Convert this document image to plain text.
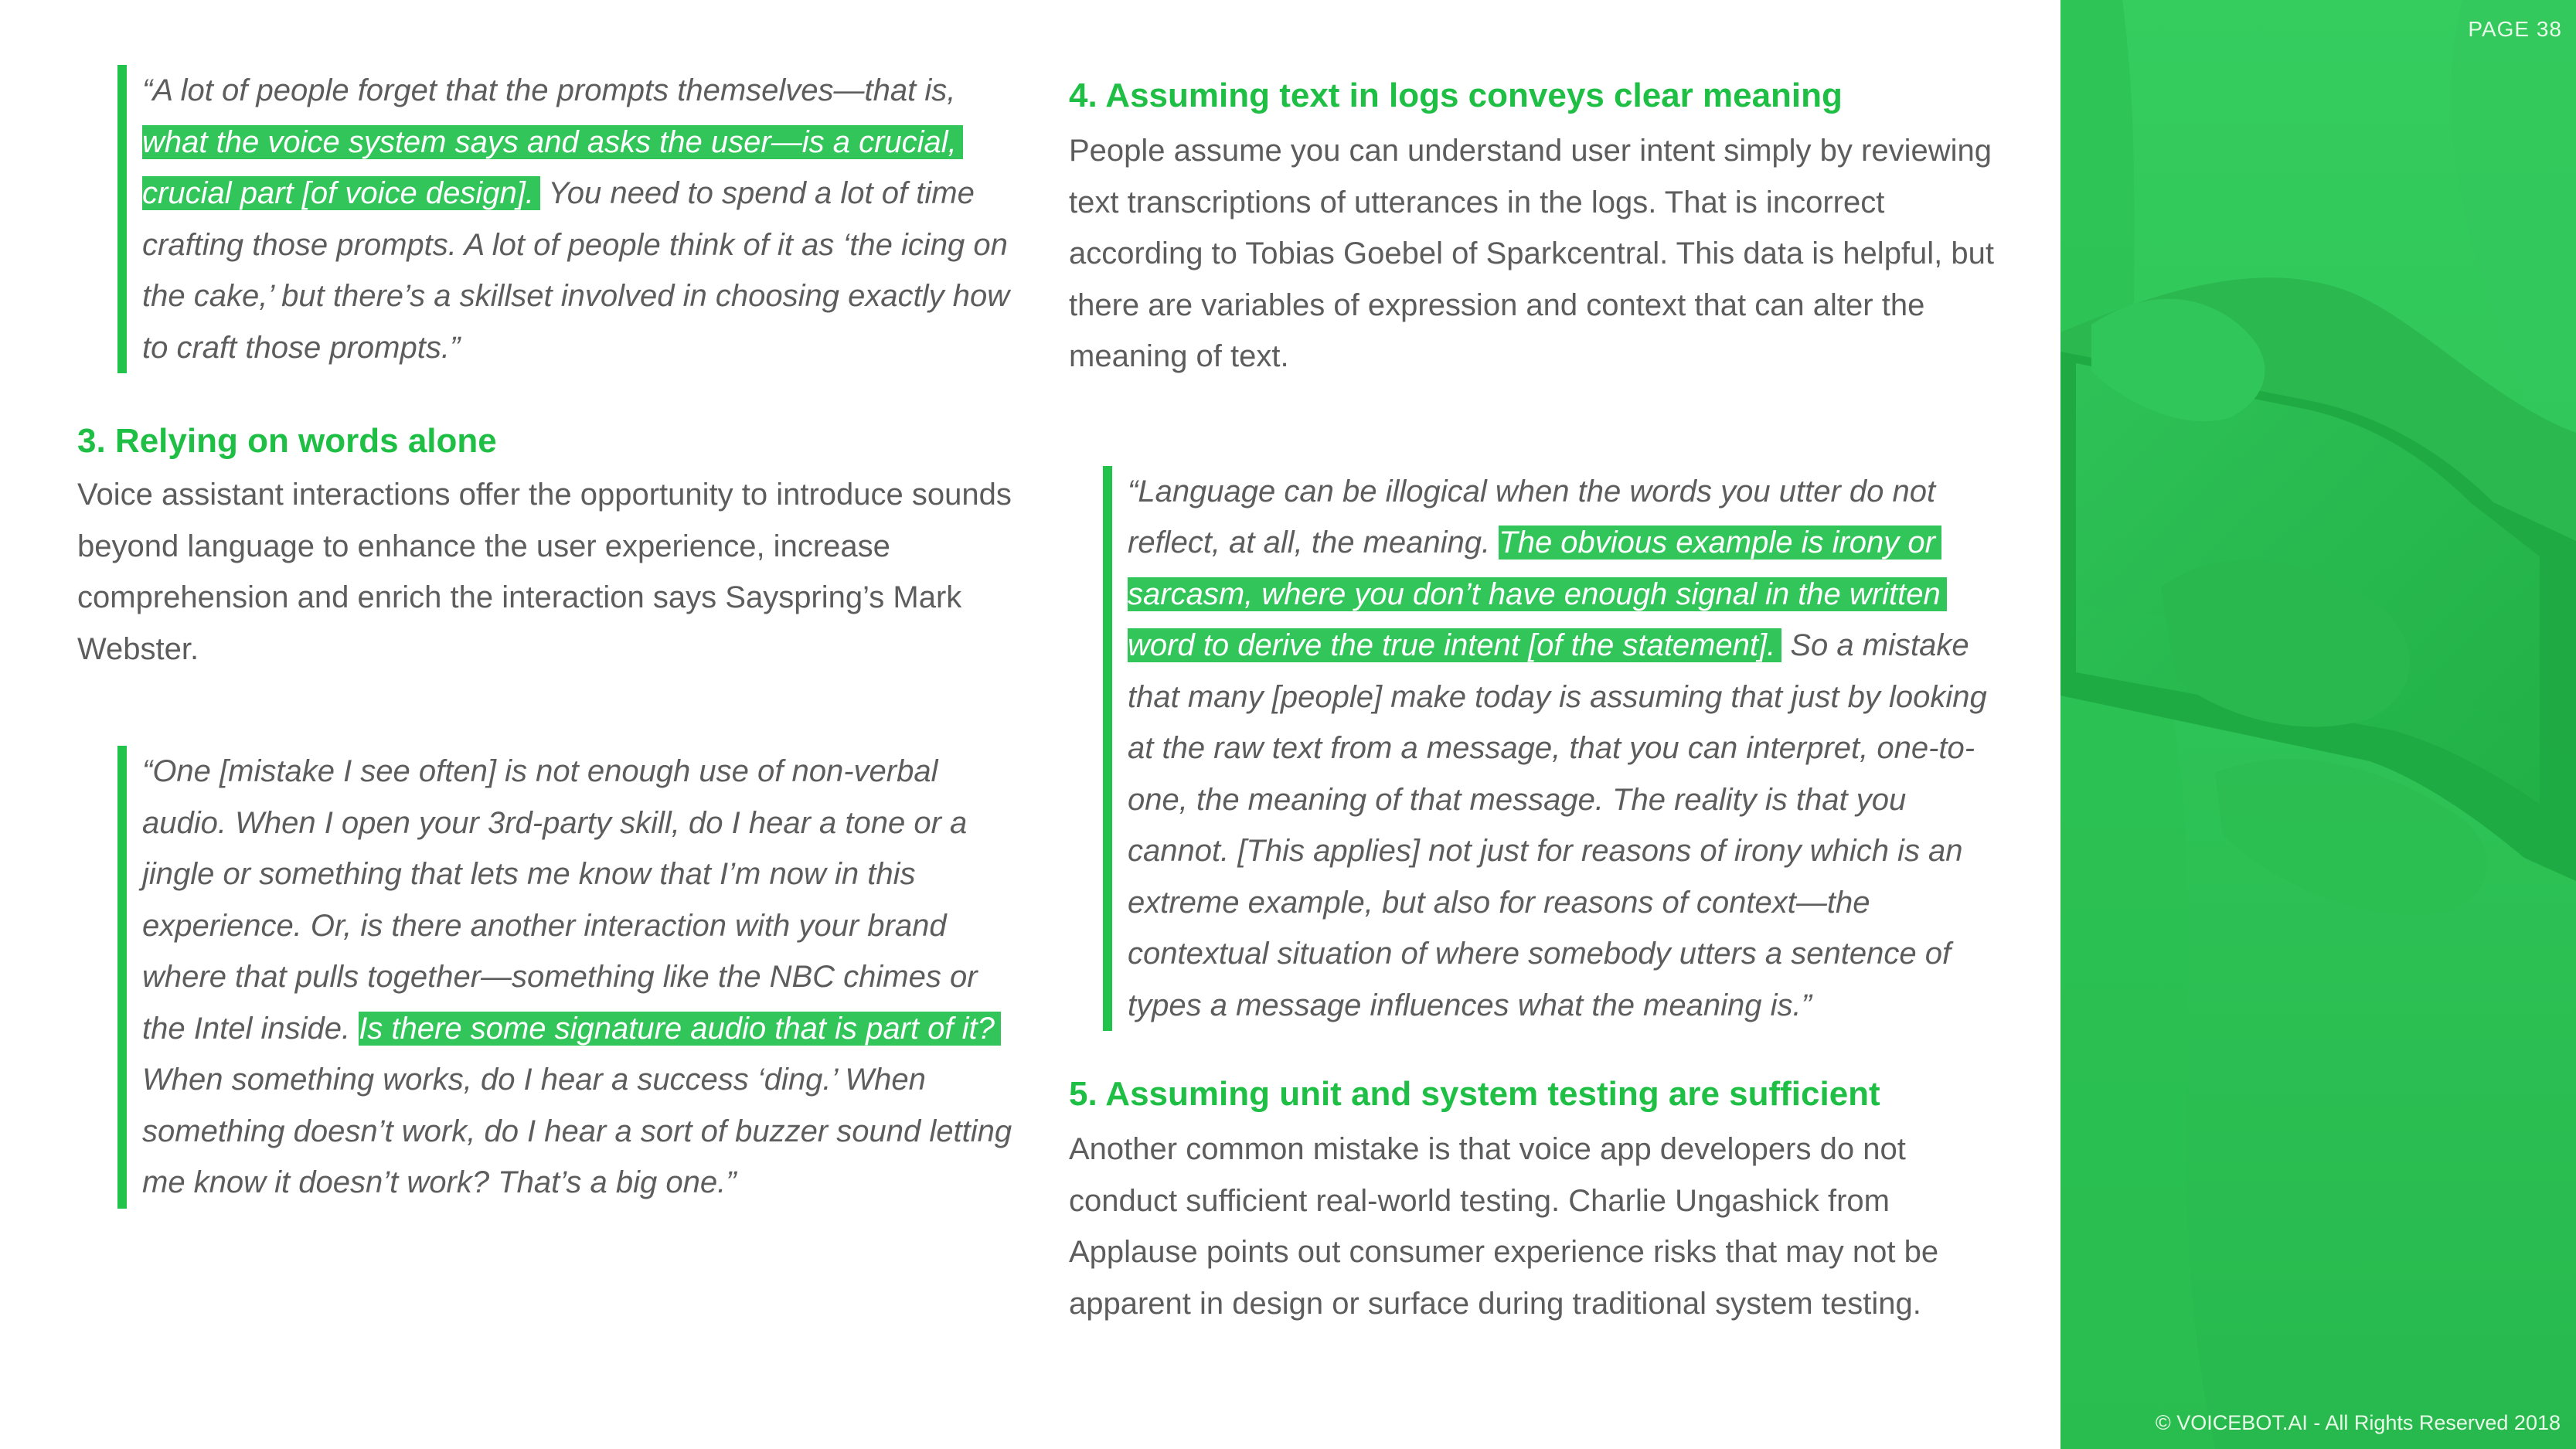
“A lot of people forget that the prompts themselves—that is, what the voice system says and asks the user—is a crucial, crucial part [of voice design]. You need to spend a lot of time crafting those prompts. A lot of people think of it as ‘the icing on the cake,’ but there’s a skillset involved in choosing exactly how to craft those prompts.”
3. Relying on words alone

Voice assistant interactions offer the opportunity to introduce sounds beyond language to enhance the user experience, increase comprehension and enrich the interaction says Sayspring’s Mark Webster.

“One [mistake I see often] is not enough use of non-verbal audio. When I open your 3rd-party skill, do I hear a tone or a jingle or something that lets me know that I’m now in this experience. Or, is there another interaction with your brand where that pulls together—something like the NBC chimes or the Intel inside. Is there some signature audio that is part of it? When something works, do I hear a success ‘ding.’ When something doesn’t work, do I hear a sort of buzzer sound letting me know it doesn’t work? That’s a big one.”
4. Assuming text in logs conveys clear meaning

People assume you can understand user intent simply by reviewing text transcriptions of utterances in the logs. That is incorrect according to Tobias Goebel of Sparkcentral. This data is helpful, but there are variables of expression and context that can alter the meaning of text.

“Language can be illogical when the words you utter do not reflect, at all, the meaning. The obvious example is irony or sarcasm, where you don’t have enough signal in the written word to derive the true intent [of the statement]. So a mistake that many [people] make today is assuming that just by looking at the raw text from a message, that you can interpret, one-to-one, the meaning of that message. The reality is that you cannot. [This applies] not just for reasons of irony which is an extreme example, but also for reasons of context—the contextual situation of where somebody utters a sentence of types a message influences what the meaning is.”
5. Assuming unit and system testing are sufficient

Another common mistake is that voice app developers do not conduct sufficient real-world testing. Charlie Ungashick from Applause points out consumer experience risks that may not be apparent in design or surface during traditional system testing.

PAGE 38
© VOICEBOT.AI - All Rights Reserved 2018
